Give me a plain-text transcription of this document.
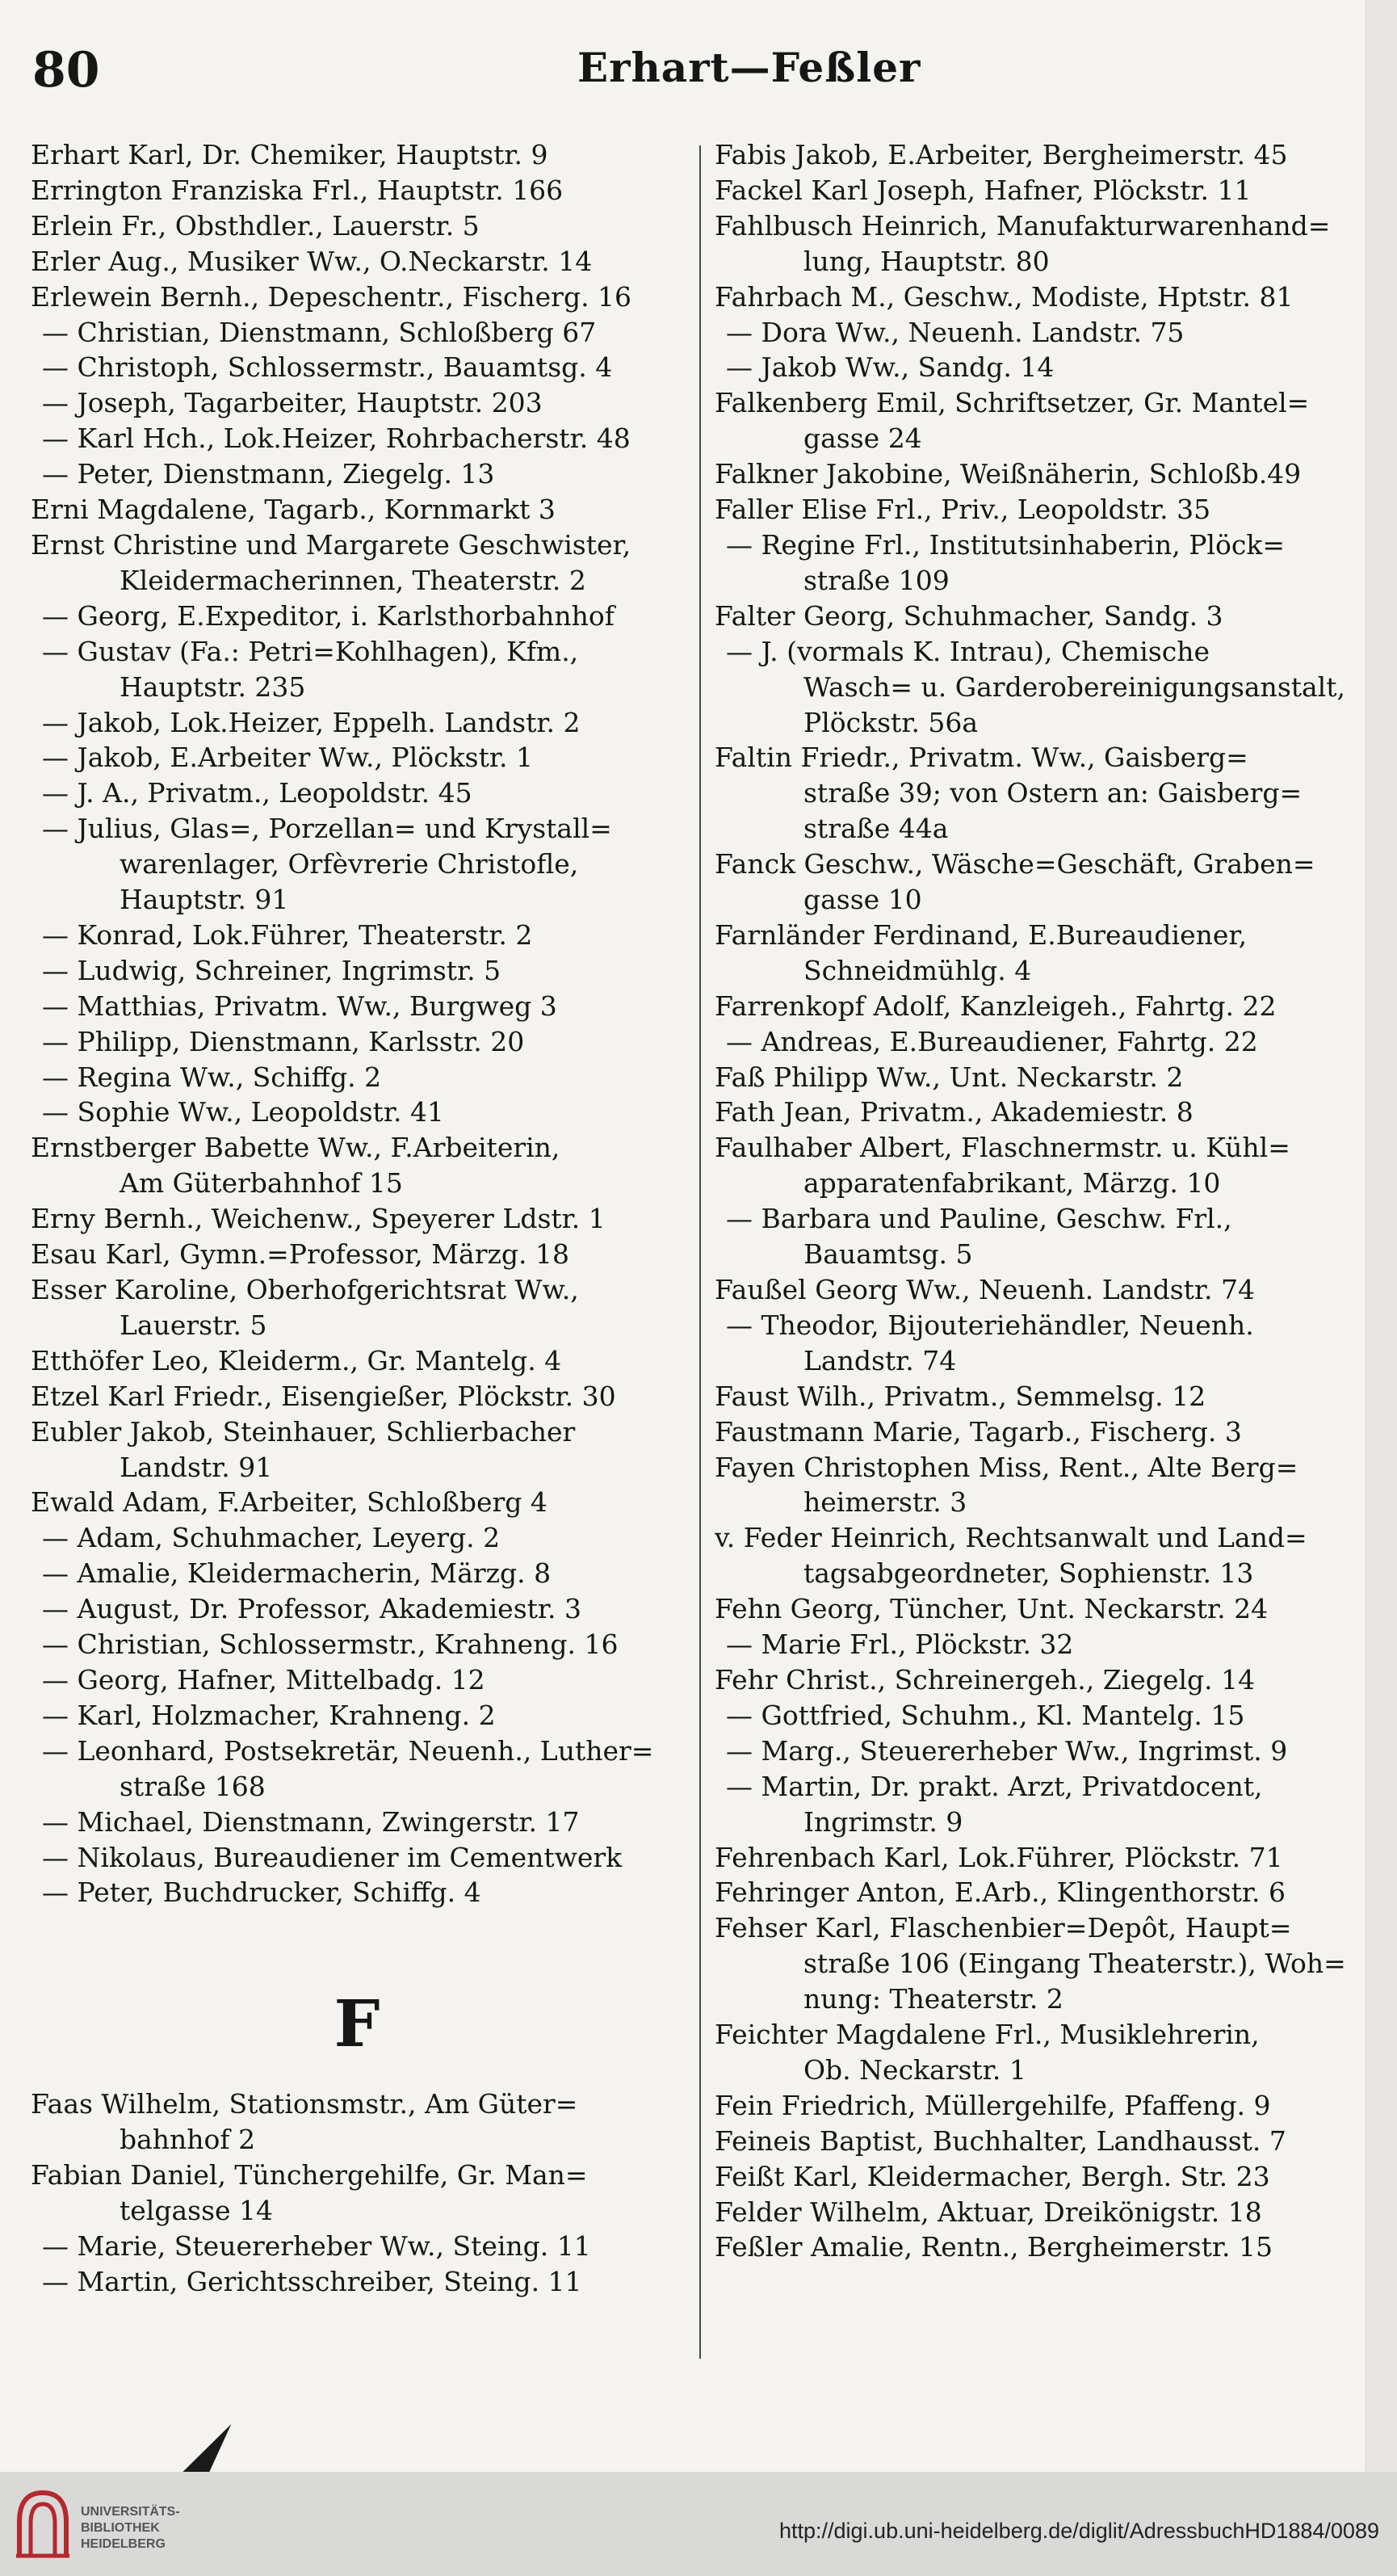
80	Erhart—Feßler
Erhart Karl, Dr. Chemiker, Hauptstr. 9
Errington Franziska Frl., Hauptstr. 166
Erlein Fr., Obsthdler., Lauerstr. 5
Erler Aug., Musiker Ww., O.Neckarstr. 14
Erlewein Bernh., Depeschentr., Fischerg. 16
— Christian, Dienstmann, Schloßberg 67
— Christoph, Schlossermstr., Bauamtsg. 4
— Joseph, Tagarbeiter, Hauptstr. 203
— Karl Hch., Lok.Heizer, Rohrbacherstr. 48
— Peter, Dienstmann, Ziegelg. 13
Erni Magdalene, Tagarb., Kornmarkt 3
Ernst Christine und Margarete Geschwister,
Kleidermacherinnen, Theaterstr. 2
— Georg, E.Expeditor, i. Karlsthorbahnhof
— Gustav (Fa.: Petri=Kohlhagen), Kfm.,
Hauptstr. 235
— Jakob, Lok.Heizer, Eppelh. Landstr. 2
— Jakob, E.Arbeiter Ww., Plöckstr. 1
— J. A., Privatm., Leopoldstr. 45
— Julius, Glas=, Porzellan= und Krystall=
warenlager, Orfèvrerie Christofle,
Hauptstr. 91
— Konrad, Lok.Führer, Theaterstr. 2
— Ludwig, Schreiner, Ingrimstr. 5
— Matthias, Privatm. Ww., Burgweg 3
— Philipp, Dienstmann, Karlsstr. 20
— Regina Ww., Schiffg. 2
— Sophie Ww., Leopoldstr. 41
Ernstberger Babette Ww., F.Arbeiterin,
Am Güterbahnhof 15
Erny Bernh., Weichenw., Speyerer Ldstr. 1
Esau Karl, Gymn.=Professor, Märzg. 18
Esser Karoline, Oberhofgerichtsrat Ww.,
Lauerstr. 5
Etthöfer Leo, Kleiderm., Gr. Mantelg. 4
Etzel Karl Friedr., Eisengießer, Plöckstr. 30
Eubler Jakob, Steinhauer, Schlierbacher
Landstr. 91
Ewald Adam, F.Arbeiter, Schloßberg 4
— Adam, Schuhmacher, Leyerg. 2
— Amalie, Kleidermacherin, Märzg. 8
— August, Dr. Professor, Akademiestr. 3
— Christian, Schlossermstr., Krahneng. 16
— Georg, Hafner, Mittelbadg. 12
— Karl, Holzmacher, Krahneng. 2
— Leonhard, Postsekretär, Neuenh., Luther=
straße 168
— Michael, Dienstmann, Zwingerstr. 17
— Nikolaus, Bureaudiener im Cementwerk
— Peter, Buchdrucker, Schiffg. 4
F
Faas Wilhelm, Stationsmstr., Am Güter=
bahnhof 2
Fabian Daniel, Tünchergehilfe, Gr. Man=
telgasse 14
— Marie, Steuererheber Ww., Steing. 11
— Martin, Gerichtsschreiber, Steing. 11
Fabis Jakob, E.Arbeiter, Bergheimerstr. 45
Fackel Karl Joseph, Hafner, Plöckstr. 11
Fahlbusch Heinrich, Manufakturwarenhand=
lung, Hauptstr. 80
Fahrbach M., Geschw., Modiste, Hptstr. 81
— Dora Ww., Neuenh. Landstr. 75
— Jakob Ww., Sandg. 14
Falkenberg Emil, Schriftsetzer, Gr. Mantel=
gasse 24
Falkner Jakobine, Weißnäherin, Schloßb.49
Faller Elise Frl., Priv., Leopoldstr. 35
— Regine Frl., Institutsinhaberin, Plöck=
straße 109
Falter Georg, Schuhmacher, Sandg. 3
— J. (vormals K. Intrau), Chemische
Wasch= u. Garderobereinigungsanstalt,
Plöckstr. 56a
Faltin Friedr., Privatm. Ww., Gaisberg=
straße 39; von Ostern an: Gaisberg=
straße 44a
Fanck Geschw., Wäsche=Geschäft, Graben=
gasse 10
Farnländer Ferdinand, E.Bureaudiener,
Schneidmühlg. 4
Farrenkopf Adolf, Kanzleigeh., Fahrtg. 22
— Andreas, E.Bureaudiener, Fahrtg. 22
Faß Philipp Ww., Unt. Neckarstr. 2
Fath Jean, Privatm., Akademiestr. 8
Faulhaber Albert, Flaschnermstr. u. Kühl=
apparatenfabrikant, Märzg. 10
— Barbara und Pauline, Geschw. Frl.,
Bauamtsg. 5
Faußel Georg Ww., Neuenh. Landstr. 74
— Theodor, Bijouteriehändler, Neuenh.
Landstr. 74
Faust Wilh., Privatm., Semmelsg. 12
Faustmann Marie, Tagarb., Fischerg. 3
Fayen Christophen Miss, Rent., Alte Berg=
heimerstr. 3
v. Feder Heinrich, Rechtsanwalt und Land=
tagsabgeordneter, Sophienstr. 13
Fehn Georg, Tüncher, Unt. Neckarstr. 24
— Marie Frl., Plöckstr. 32
Fehr Christ., Schreinergeh., Ziegelg. 14
— Gottfried, Schuhm., Kl. Mantelg. 15
— Marg., Steuererheber Ww., Ingrimst. 9
— Martin, Dr. prakt. Arzt, Privatdocent,
Ingrimstr. 9
Fehrenbach Karl, Lok.Führer, Plöckstr. 71
Fehringer Anton, E.Arb., Klingenthorstr. 6
Fehser Karl, Flaschenbier=Depôt, Haupt=
straße 106 (Eingang Theaterstr.), Woh=
nung: Theaterstr. 2
Feichter Magdalene Frl., Musiklehrerin,
Ob. Neckarstr. 1
Fein Friedrich, Müllergehilfe, Pfaffeng. 9
Feineis Baptist, Buchhalter, Landhausst. 7
Feißt Karl, Kleidermacher, Bergh. Str. 23
Felder Wilhelm, Aktuar, Dreikönigstr. 18
Feßler Amalie, Rentn., Bergheimerstr. 15
UNIVERSITÄTS-
BIBLIOTHEK
HEIDELBERG
http://digi.ub.uni-heidelberg.de/diglit/AdressbuchHD1884/0089
